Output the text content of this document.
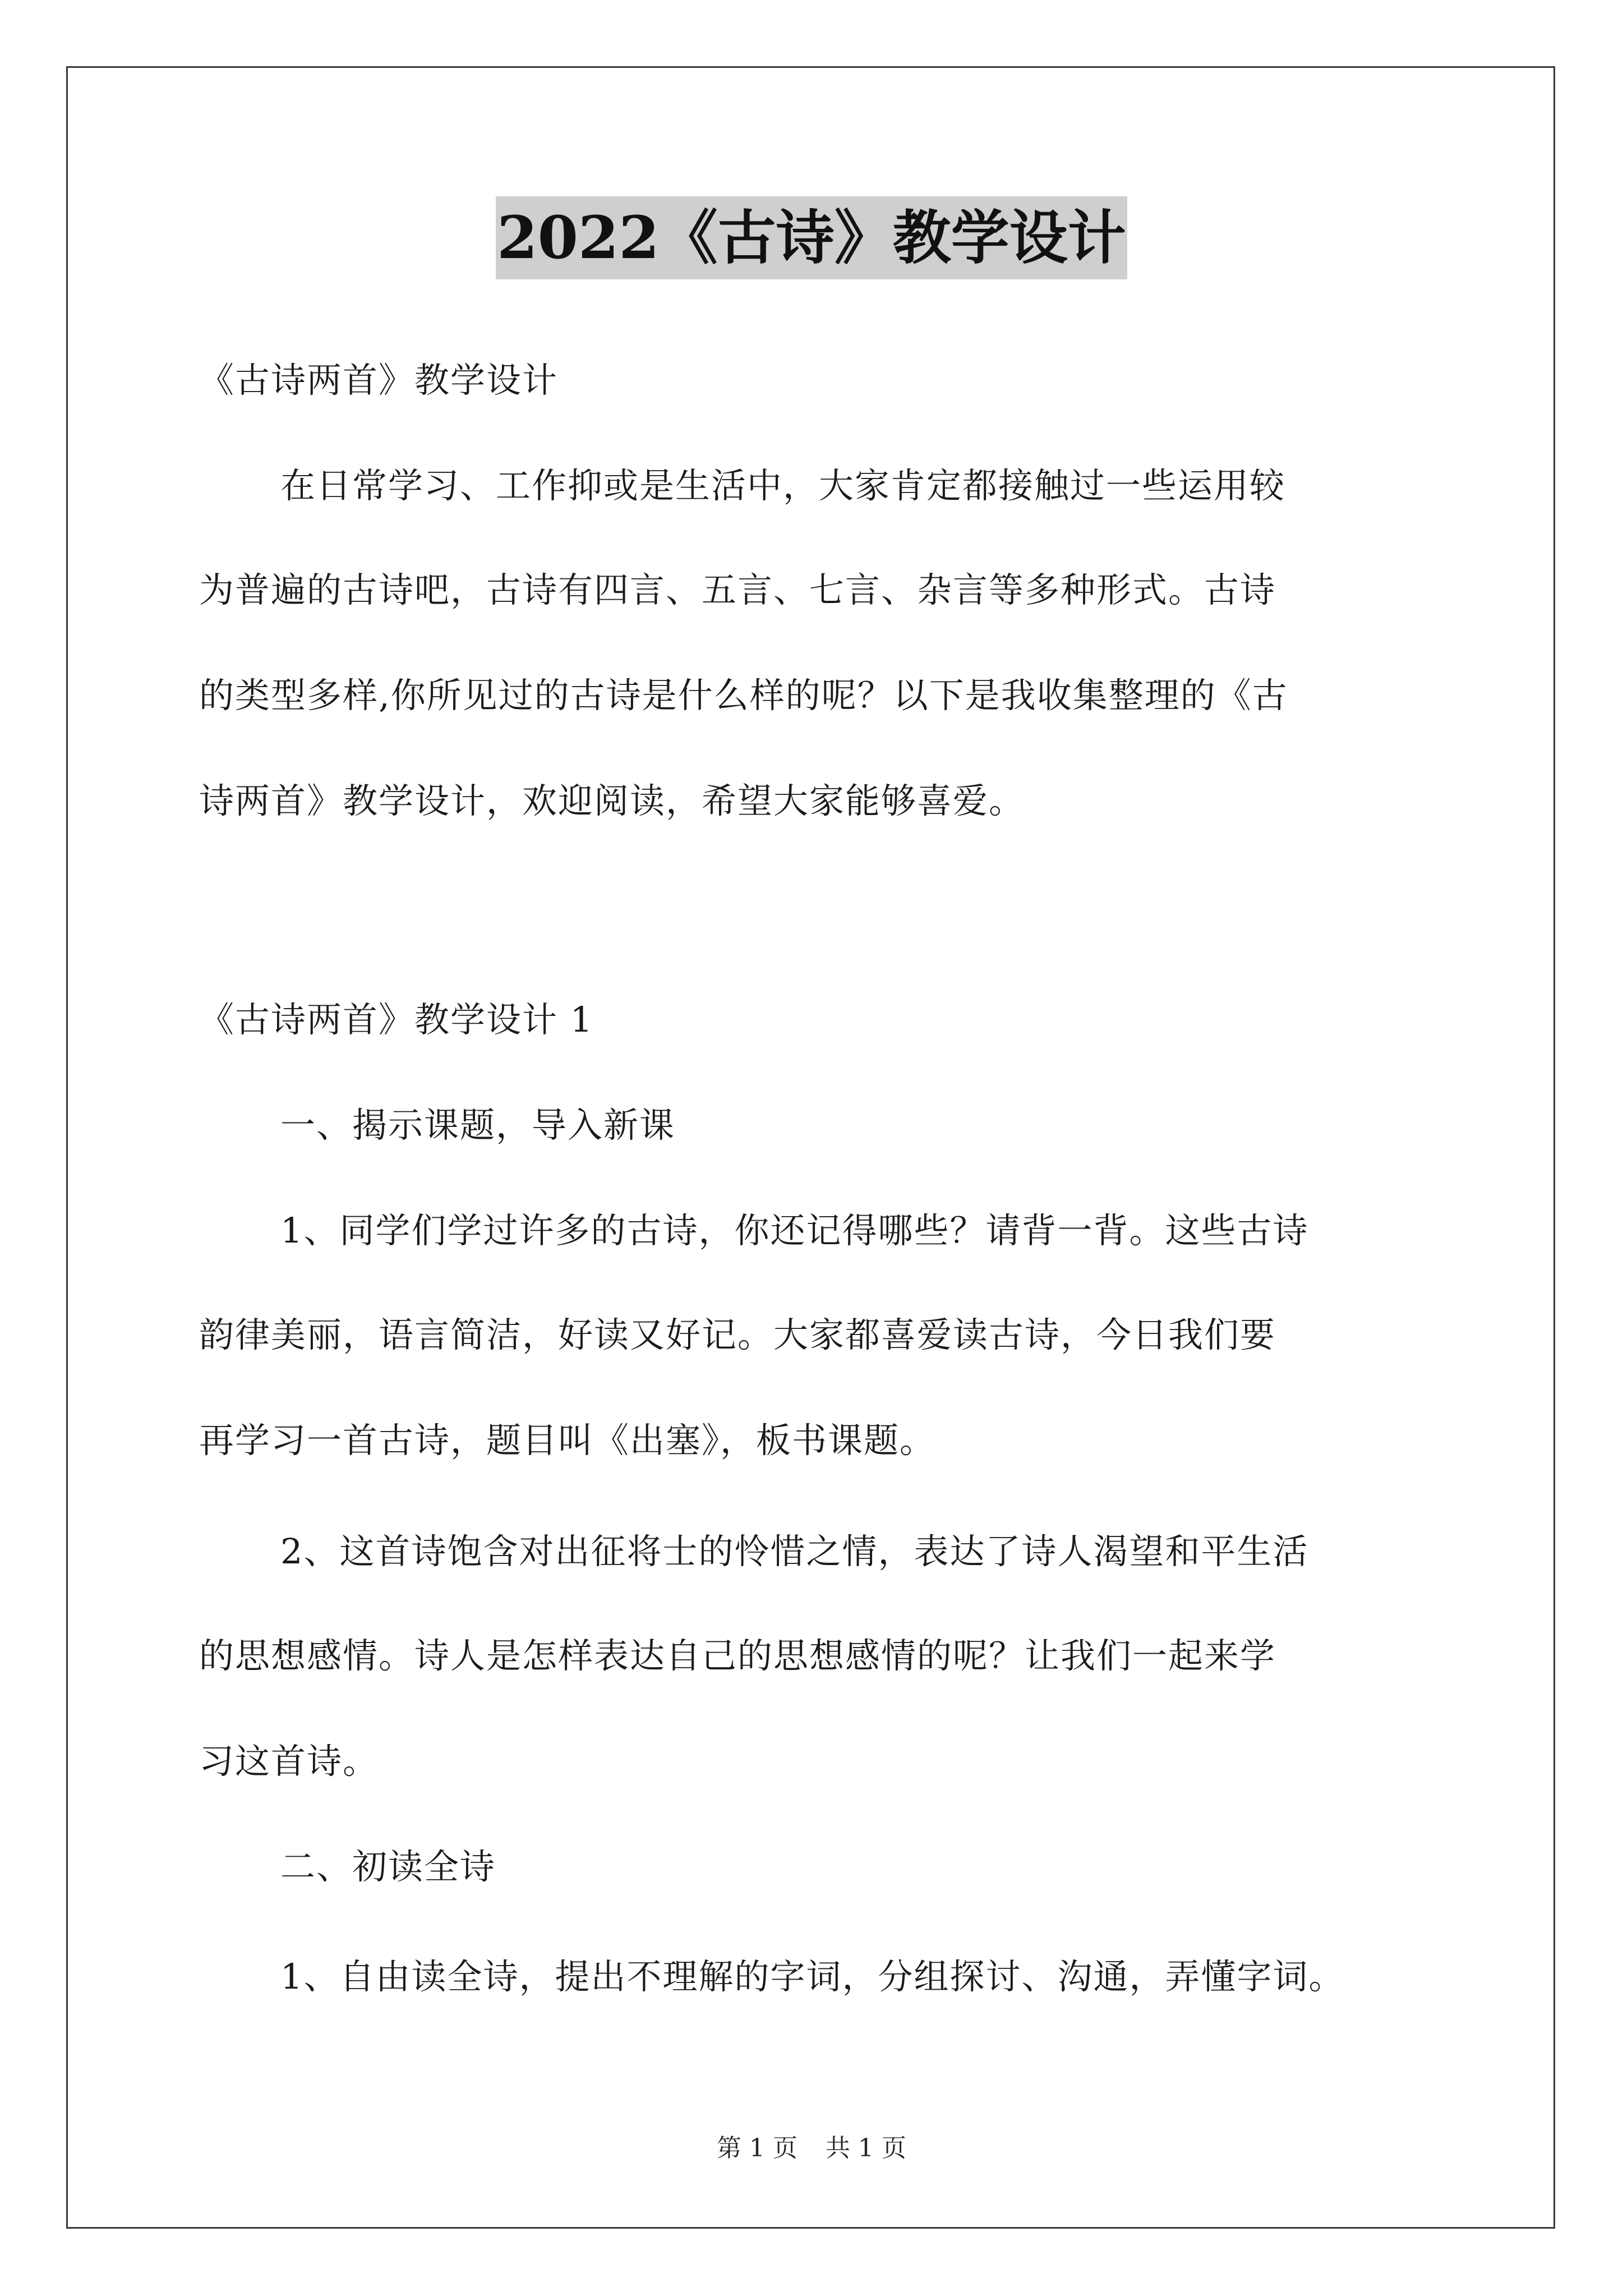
2022《古诗》教学设计
《古诗两首》教学设计
在日常学习、工作抑或是生活中，大家肯定都接触过一些运用较
为普遍的古诗吧，古诗有四言、五言、七言、杂言等多种形式。古诗
的类型多样,你所见过的古诗是什么样的呢？以下是我收集整理的《古
诗两首》教学设计，欢迎阅读，希望大家能够喜爱。
《古诗两首》教学设计 1
一、揭示课题，导入新课
1、同学们学过许多的古诗，你还记得哪些？请背一背。这些古诗
韵律美丽，语言简洁，好读又好记。大家都喜爱读古诗，今日我们要
再学习一首古诗，题目叫《出塞》，板书课题。
2、这首诗饱含对出征将士的怜惜之情，表达了诗人渴望和平生活
的思想感情。诗人是怎样表达自己的思想感情的呢？让我们一起来学
习这首诗。
二、初读全诗
1、自由读全诗，提出不理解的字词，分组探讨、沟通，弄懂字词。
第 1 页 共 1 页
